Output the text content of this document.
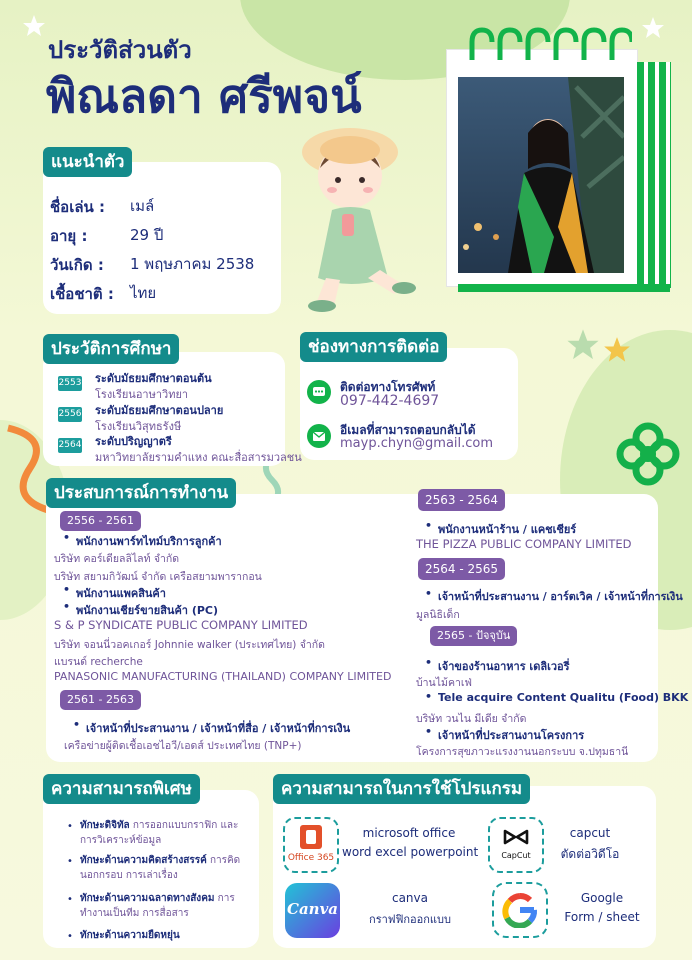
ประวัติส่วนตัว
พิณลดา ศรีพจน์
แนะนำตัว
ชื่อเล่น : เมล์
อายุ :	29 ปี
วันเกิด : 1 พฤษภาคม 2538
เชื้อชาติ : ไทย
ประวัติการศึกษา
2553 ระดับมัธยมศึกษาตอนต้น
โรงเรียนอาษาวิทยา
2556 ระดับมัธยมศึกษาตอนปลาย
โรงเรียนวิสุทธรังษี
2564 ระดับปริญญาตรี
มหาวิทยาลัยรามคำแหง คณะสื่อสารมวลชน
ช่องทางการติดต่อ
ติดต่อทางโทรศัพท์
097-442-4697
อีเมลที่สามารถตอบกลับได้
mayp.chyn@gmail.com
ประสบการณ์การทำงาน
2556 - 2561
• พนักงานพาร์ทไทม์บริการลูกค้า
บริษัท คอร์เดียลลิไลท์ จำกัด
บริษัท สยามกิวัฒน์ จำกัด เครือสยามพารากอน
• พนักงานแพคสินค้า
• พนักงานเชียร์ขายสินค้า (PC)
S & P SYNDICATE PUBLIC COMPANY LIMITED
บริษัท จอนนี่วอคเกอร์ Johnnie walker (ประเทศไทย) จำกัด
แบรนด์ recherche
PANASONIC MANUFACTURING (THAILAND) COMPANY LIMITED
2561 - 2563
• เจ้าหน้าที่ประสานงาน / เจ้าหน้าที่สื่อ / เจ้าหน้าที่การเงิน
เครือข่ายผู้ติดเชื้อเอชไอวี/เอดส์ ประเทศไทย (TNP+)
2563 - 2564
• พนักงานหน้าร้าน / แคชเชียร์
THE PIZZA PUBLIC COMPANY LIMITED
2564 - 2565
• เจ้าหน้าที่ประสานงาน / อาร์ตเวิค / เจ้าหน้าที่การเงิน
มูลนิธิเด็ก
2565 - ปัจจุบัน
• เจ้าของร้านอาหาร เดลิเวอรี่
บ้านไม้คาเฟ่
• Tele acquire Content Qualitu (Food) BKK
บริษัท วนไน มีเดีย จำกัด
• เจ้าหน้าที่ประสานงานโครงการ
โครงการสุขภาวะแรงงานนอกระบบ จ.ปทุมธานี
ความสามารถพิเศษ
ทักษะดิจิทัล การออกแบบกราฟิก และ การวิเคราะห์ข้อมูล
ทักษะด้านความคิดสร้างสรรค์ การคิดนอกกรอบ การเล่าเรื่อง
ทักษะด้านความฉลาดทางสังคม การทำงานเป็นทีม การสื่อสาร
ทักษะด้านความยืดหยุ่น
ความสามารถในการใช้โปรแกรม
Office 365
microsoft office
word excel powerpoint	CapCut
capcut
ตัดต่อวิดีโอ
Canva
canva
กราฟฟิกออกแบบ
Google
Form / sheet
